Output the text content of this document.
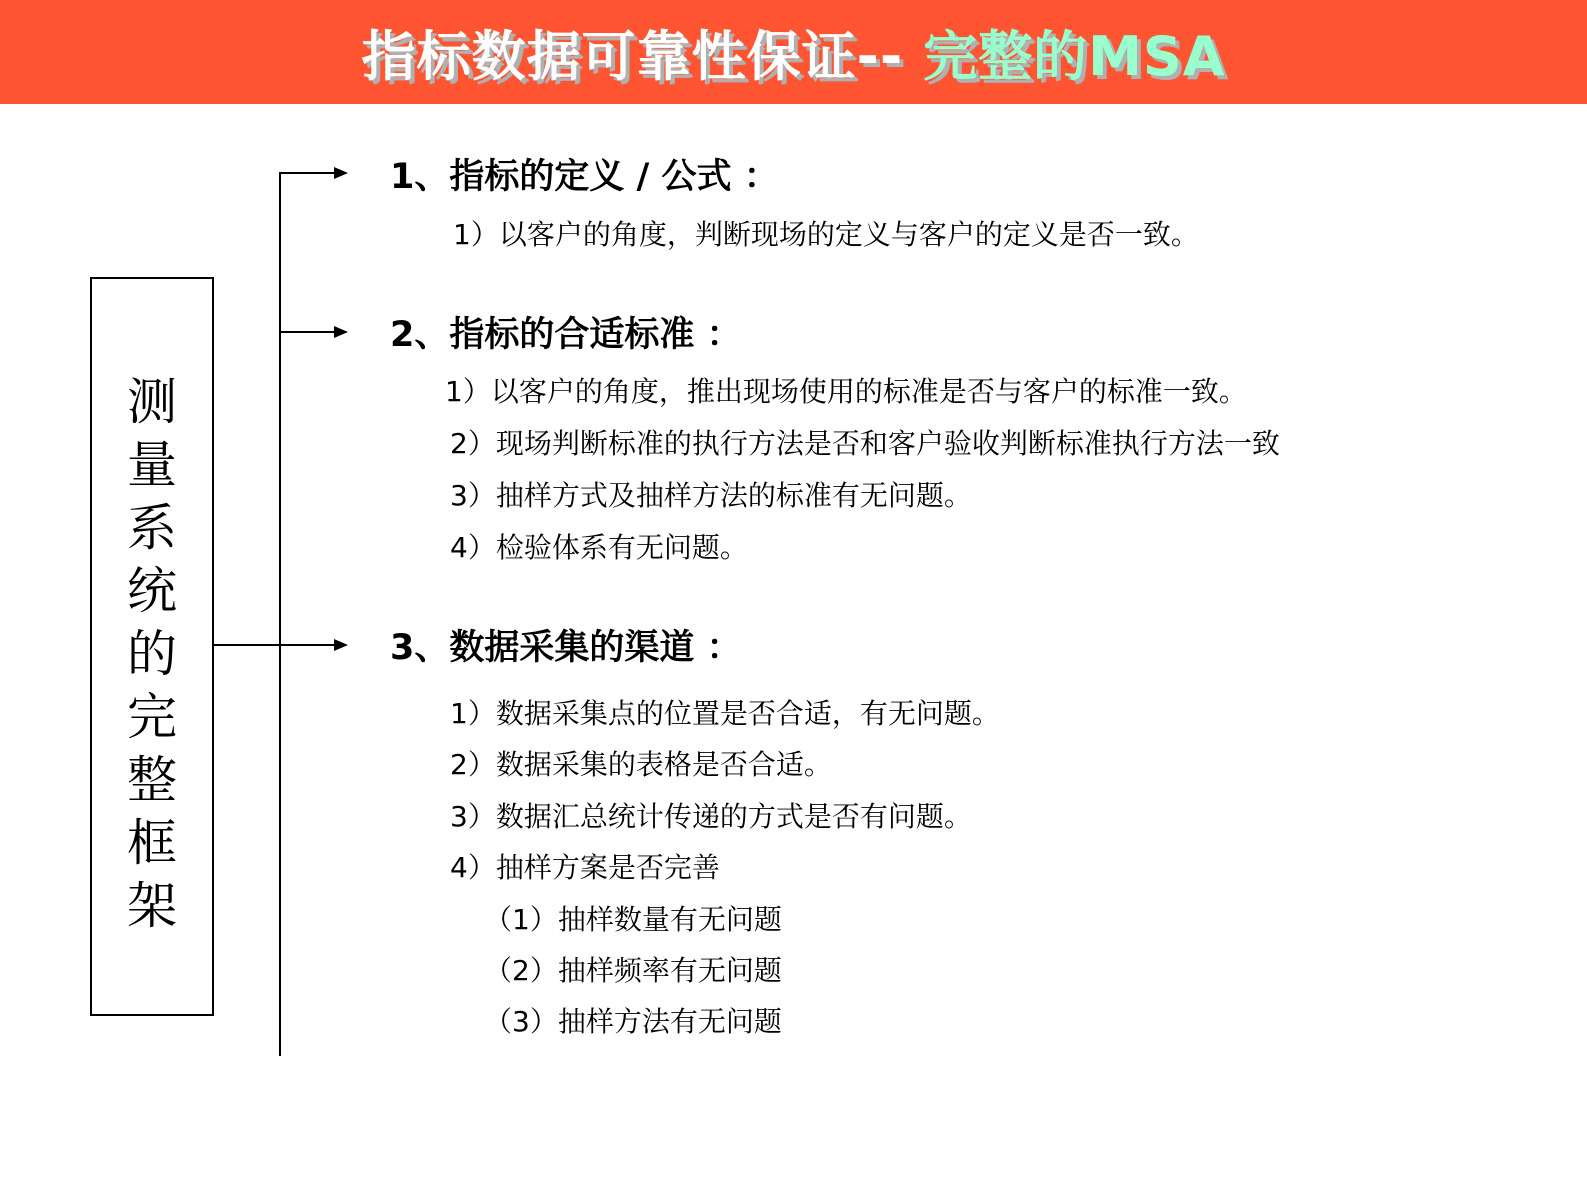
指标数据可靠性保证-- 完整的MSA
测
量
系
统
的
完
整
框
架
1、指标的定义 / 公式 ：
1）以客户的角度，判断现场的定义与客户的定义是否一致。
2、指标的合适标准 ：
1）以客户的角度，推出现场使用的标准是否与客户的标准一致。
2）现场判断标准的执行方法是否和客户验收判断标准执行方法一致
3）抽样方式及抽样方法的标准有无问题。
4）检验体系有无问题。
3、数据采集的渠道 ：
1）数据采集点的位置是否合适，有无问题。
2）数据采集的表格是否合适。
3）数据汇总统计传递的方式是否有问题。
4）抽样方案是否完善
（1）抽样数量有无问题
（2）抽样频率有无问题
（3）抽样方法有无问题
